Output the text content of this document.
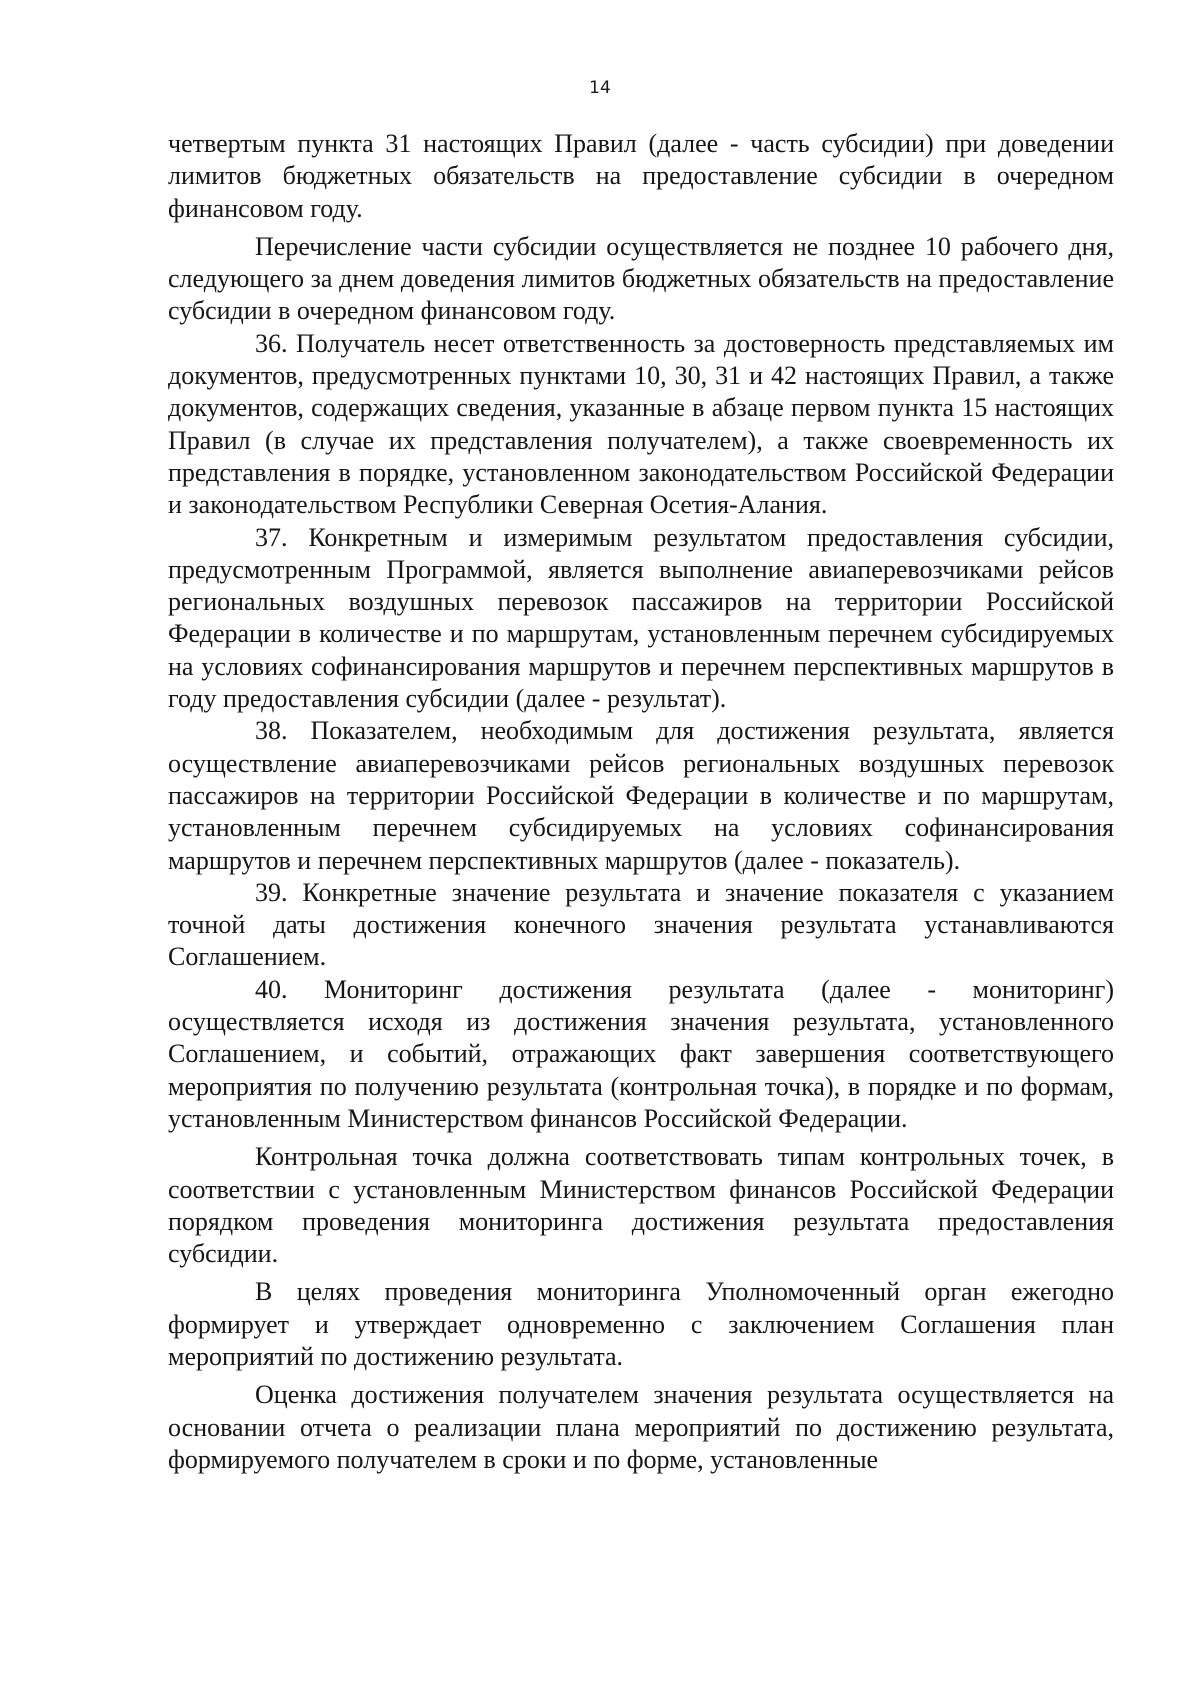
14

четвертым пункта 31 настоящих Правил (далее - часть субсидии) при доведении лимитов бюджетных обязательств на предоставление субсидии в очередном финансовом году.

Перечисление части субсидии осуществляется не позднее 10 рабочего дня, следующего за днем доведения лимитов бюджетных обязательств на предоставление субсидии в очередном финансовом году.

36. Получатель несет ответственность за достоверность представляемых им документов, предусмотренных пунктами 10, 30, 31 и 42 настоящих Правил, а также документов, содержащих сведения, указанные в абзаце первом пункта 15 настоящих Правил (в случае их представления получателем), а также своевременность их представления в порядке, установленном законодательством Российской Федерации и законодательством Республики Северная Осетия-Алания.

37. Конкретным и измеримым результатом предоставления субсидии, предусмотренным Программой, является выполнение авиаперевозчиками рейсов региональных воздушных перевозок пассажиров на территории Российской Федерации в количестве и по маршрутам, установленным перечнем субсидируемых на условиях софинансирования маршрутов и перечнем перспективных маршрутов в году предоставления субсидии (далее - результат).

38. Показателем, необходимым для достижения результата, является осуществление авиаперевозчиками рейсов региональных воздушных перевозок пассажиров на территории Российской Федерации в количестве и по маршрутам, установленным перечнем субсидируемых на условиях софинансирования маршрутов и перечнем перспективных маршрутов (далее - показатель).

39. Конкретные значение результата и значение показателя с указанием точной даты достижения конечного значения результата устанавливаются Соглашением.

40. Мониторинг достижения результата (далее - мониторинг) осуществляется исходя из достижения значения результата, установленного Соглашением, и событий, отражающих факт завершения соответствующего мероприятия по получению результата (контрольная точка), в порядке и по формам, установленным Министерством финансов Российской Федерации.

Контрольная точка должна соответствовать типам контрольных точек, в соответствии с установленным Министерством финансов Российской Федерации порядком проведения мониторинга достижения результата предоставления субсидии.

В целях проведения мониторинга Уполномоченный орган ежегодно формирует и утверждает одновременно с заключением Соглашения план мероприятий по достижению результата.

Оценка достижения получателем значения результата осуществляется на основании отчета о реализации плана мероприятий по достижению результата, формируемого получателем в сроки и по форме, установленные
